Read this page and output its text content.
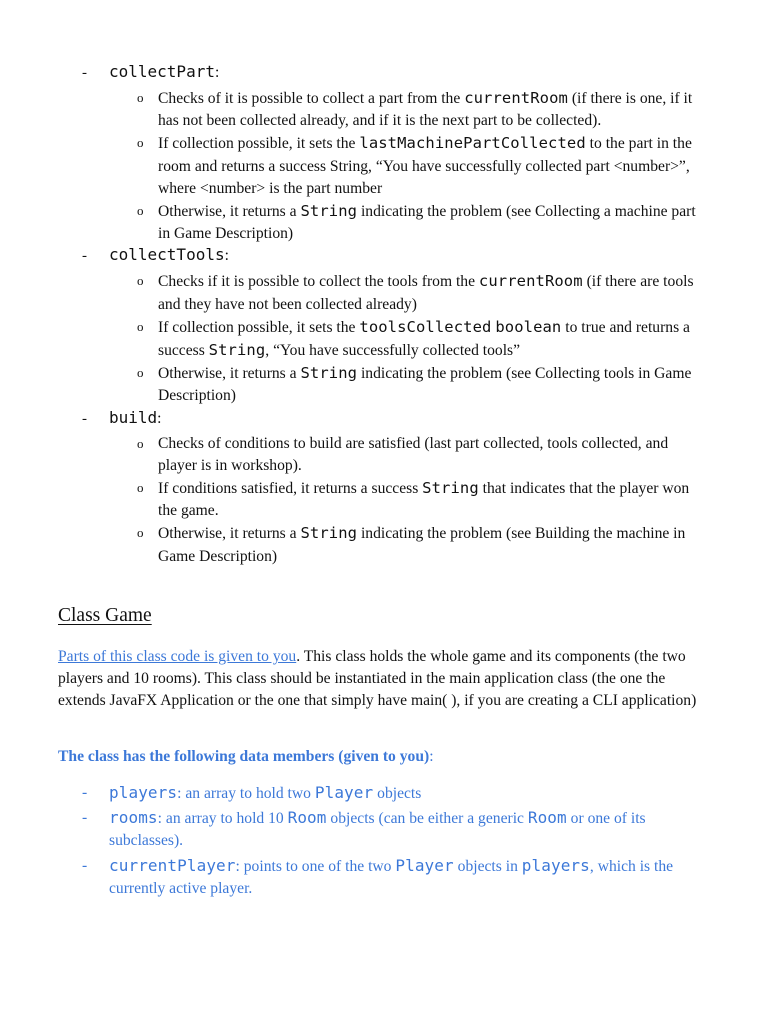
-	collectPart :
o Checks of it is possible to collect a part from the currentRoom (if there is one, if it has not been collected already, and if it is the next part to be collected).
o If collection possible, it sets the lastMachinePartCollected to the part in the room and returns a success String, “You have successfully collected part <number>”, where <number> is the part number
o Otherwise, it returns a String indicating the problem (see Collecting a machine part in Game Description)
-	collectTools :
o Checks if it is possible to collect the tools from the currentRoom (if there are tools and they have not been collected already)
o If collection possible, it sets the toolsCollected boolean to true and returns a success String, “You have successfully collected tools”
o Otherwise, it returns a String indicating the problem (see Collecting tools in Game Description)
-	build :
o Checks of conditions to build are satisfied (last part collected, tools collected, and player is in workshop).
o If conditions satisfied, it returns a success String that indicates that the player won the game.
o Otherwise, it returns a String indicating the problem (see Building the machine in Game Description)
Class Game
Parts of this class code is given to you. This class holds the whole game and its components (the two players and 10 rooms). This class should be instantiated in the main application class (the one the extends JavaFX Application or the one that simply have main( ), if you are creating a CLI application)
The class has the following data members (given to you):
- players: an array to hold two Player objects
- rooms: an array to hold 10 Room objects (can be either a generic Room or one of its subclasses).
- currentPlayer: points to one of the two Player objects in players, which is the currently active player.
